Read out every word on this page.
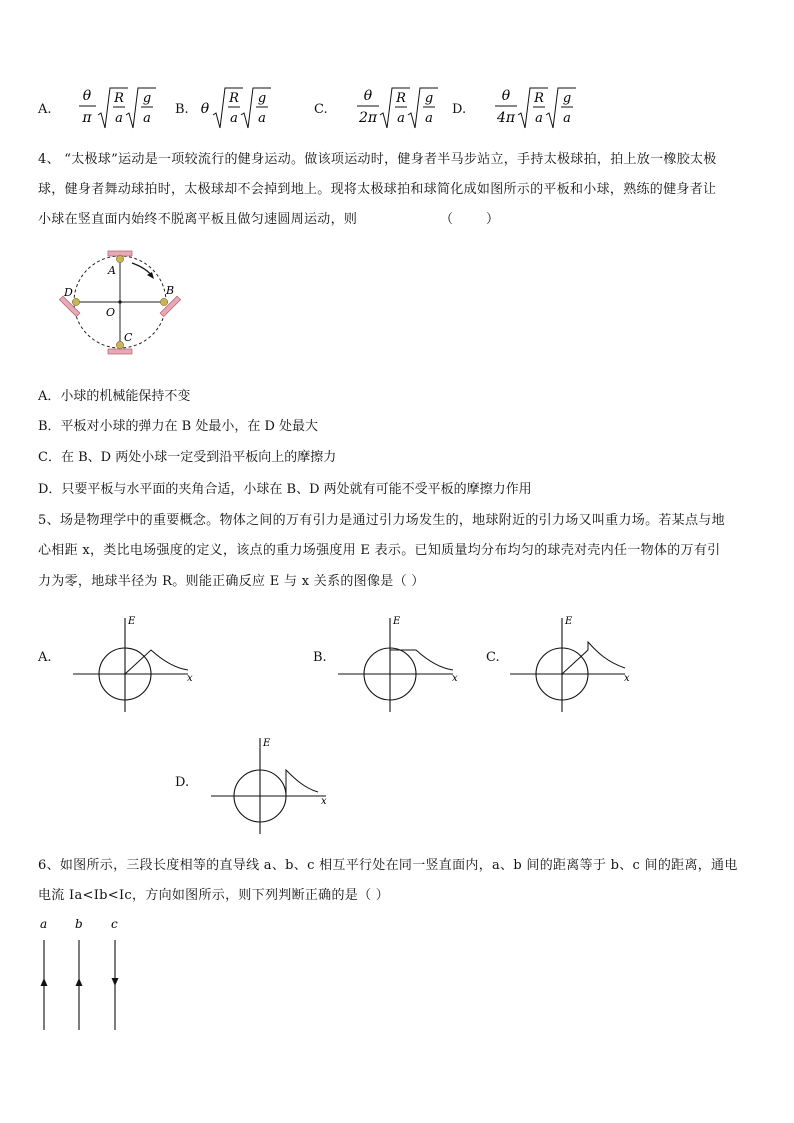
A.
θ
π
R
a
g
a
B. θ
R
a
g
a
C.
θ
2π
R
a
g
a
D.
θ
4π
R
a
g
a
4、 “太极球”运动是一项较流行的健身运动。做该项运动时，健身者半马步站立，手持太极球拍，拍上放一橡胶太极
球，健身者舞动球拍时，太极球却不会掉到地上。现将太极球拍和球简化成如图所示的平板和小球，熟练的健身者让
小球在竖直面内始终不脱离平板且做匀速圆周运动，则	（        ）
A
B
C
D
O
A．小球的机械能保持不变
B．平板对小球的弹力在 B 处最小，在 D 处最大
C．在 B、D 两处小球一定受到沿平板向上的摩擦力
D．只要平板与水平面的夹角合适，小球在 B、D 两处就有可能不受平板的摩擦力作用
5、场是物理学中的重要概念。物体之间的万有引力是通过引力场发生的，地球附近的引力场又叫重力场。若某点与地
心相距 x，类比电场强度的定义，该点的重力场强度用 E 表示。已知质量均分布均匀的球壳对壳内任一物体的万有引
力为零，地球半径为 R。则能正确反应 E 与 x 关系的图像是（ ）
A.
E
x
B.
E
x
C.
E
x
D.
E
x
6、如图所示，三段长度相等的直导线 a、b、c 相互平行处在同一竖直面内，a、b 间的距离等于 b、c 间的距离，通电
电流 Ia<Ib<Ic，方向如图所示，则下列判断正确的是（ ）
a b c
